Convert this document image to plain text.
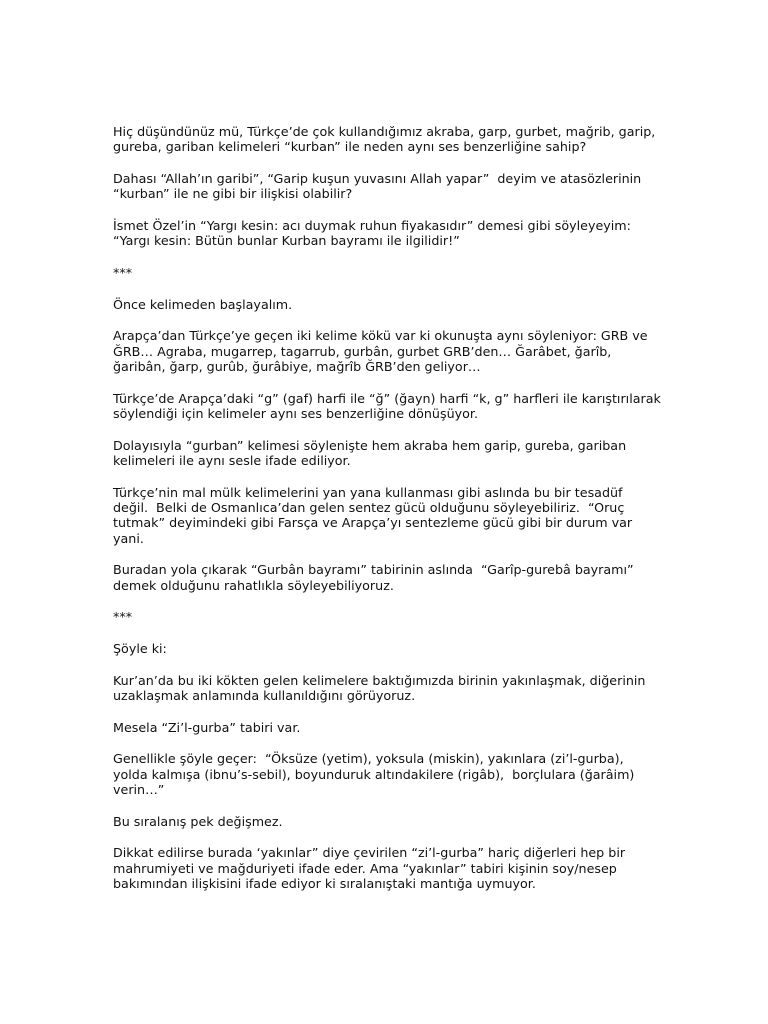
Hiç düşündünüz mü, Türkçe’de çok kullandığımız akraba, garp, gurbet, mağrib, garip, gureba, gariban kelimeleri “kurban” ile neden aynı ses benzerliğine sahip?

Dahası “Allah’ın garibi”, “Garip kuşun yuvasını Allah yapar”  deyim ve atasözlerinin “kurban” ile ne gibi bir ilişkisi olabilir?

İsmet Özel’in “Yargı kesin: acı duymak ruhun fiyakasıdır” demesi gibi söyleyeyim: “Yargı kesin: Bütün bunlar Kurban bayramı ile ilgilidir!”

***

Önce kelimeden başlayalım.

Arapça’dan Türkçe’ye geçen iki kelime kökü var ki okunuşta aynı söyleniyor: GRB ve ĞRB… Agraba, mugarrep, tagarrub, gurbân, gurbet GRB’den… Ğarâbet, ğarîb, ğaribân, ğarp, gurûb, ğurâbiye, mağrîb ĞRB’den geliyor…

Türkçe’de Arapça’daki “g” (gaf) harfi ile “ğ” (ğayn) harfi “k, g” harfleri ile karıştırılarak söylendiği için kelimeler aynı ses benzerliğine dönüşüyor.

Dolayısıyla “gurban” kelimesi söylenişte hem akraba hem garip, gureba, gariban kelimeleri ile aynı sesle ifade ediliyor.

Türkçe’nin mal mülk kelimelerini yan yana kullanması gibi aslında bu bir tesadüf değil.  Belki de Osmanlıca’dan gelen sentez gücü olduğunu söyleyebiliriz.  “Oruç tutmak” deyimindeki gibi Farsça ve Arapça’yı sentezleme gücü gibi bir durum var yani.

Buradan yola çıkarak “Gurbân bayramı” tabirinin aslında  “Garîp-gurebâ bayramı” demek olduğunu rahatlıkla söyleyebiliyoruz.

***

Şöyle ki:

Kur’an’da bu iki kökten gelen kelimelere baktığımızda birinin yakınlaşmak, diğerinin uzaklaşmak anlamında kullanıldığını görüyoruz.

Mesela “Zi’l-gurba” tabiri var.

Genellikle şöyle geçer:  “Öksüze (yetim), yoksula (miskin), yakınlara (zi’l-gurba), yolda kalmışa (ibnu’s-sebil), boyunduruk altındakilere (rigâb),  borçlulara (ğarâim) verin…”

Bu sıralanış pek değişmez.

Dikkat edilirse burada ‘yakınlar” diye çevirilen “zi’l-gurba” hariç diğerleri hep bir mahrumiyeti ve mağduriyeti ifade eder. Ama “yakınlar” tabiri kişinin soy/nesep bakımından ilişkisini ifade ediyor ki sıralanıştaki mantığa uymuyor.
